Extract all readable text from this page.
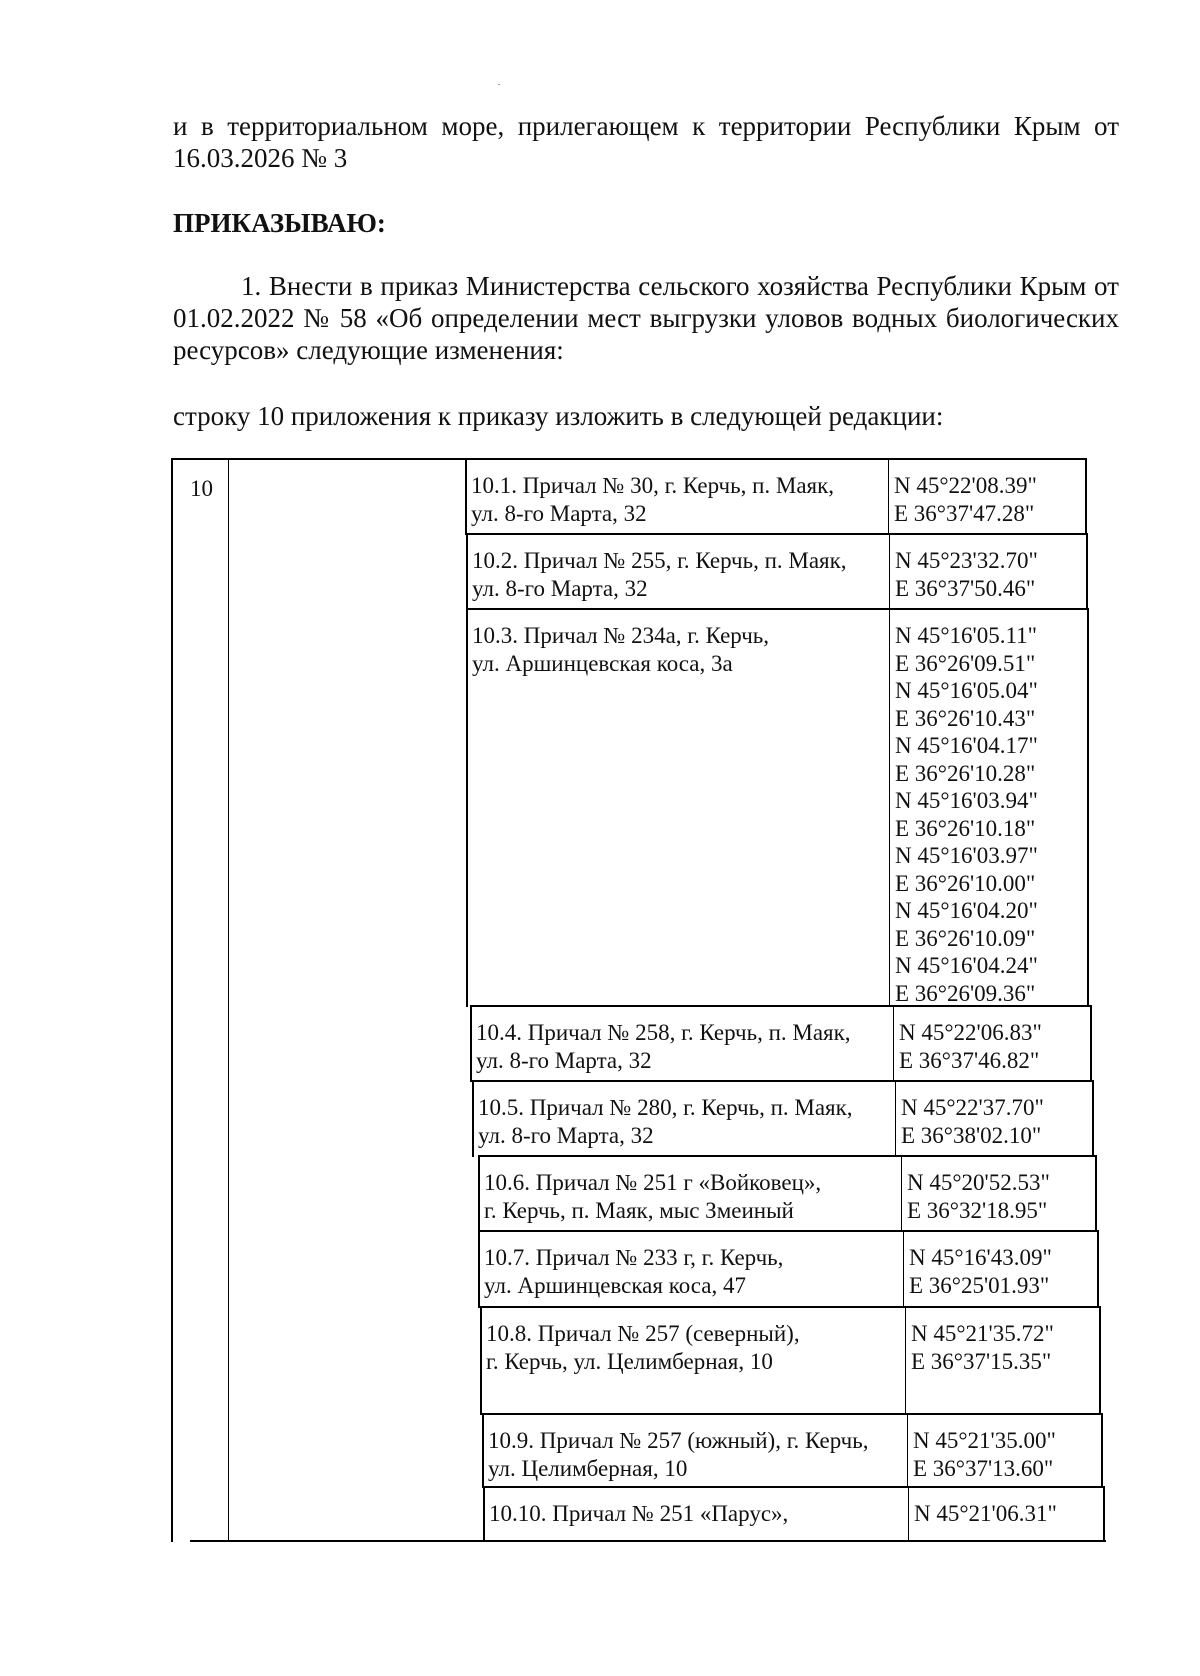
и в территориальном море, прилегающем к территории Республики Крым от 16.03.2026 № 3
ПРИКАЗЫВАЮ:
1. Внести в приказ Министерства сельского хозяйства Республики Крым от 01.02.2022 № 58 «Об определении мест выгрузки уловов водных биологических ресурсов» следующие изменения:
строку 10 приложения к приказу изложить в следующей редакции:
10	10.1. Причал № 30, г. Керчь, п. Маяк,
ул. 8-го Марта, 32
N 45°22'08.39"
E 36°37'47.28"
10.2. Причал № 255, г. Керчь, п. Маяк,
ул. 8-го Марта, 32
N 45°23'32.70"
E 36°37'50.46"
10.3. Причал № 234а, г. Керчь,
ул. Аршинцевская коса, 3а
N 45°16'05.11"
E 36°26'09.51"
N 45°16'05.04"
E 36°26'10.43"
N 45°16'04.17"
E 36°26'10.28"
N 45°16'03.94"
E 36°26'10.18"
N 45°16'03.97"
E 36°26'10.00"
N 45°16'04.20"
E 36°26'10.09"
N 45°16'04.24"
E 36°26'09.36"
10.4. Причал № 258, г. Керчь, п. Маяк,
ул. 8-го Марта, 32
N 45°22'06.83"
E 36°37'46.82"
10.5. Причал № 280, г. Керчь, п. Маяк,
ул. 8-го Марта, 32
N 45°22'37.70"
E 36°38'02.10"
10.6. Причал № 251 г «Войковец»,
г. Керчь, п. Маяк, мыс Змеиный
N 45°20'52.53"
E 36°32'18.95"
10.7. Причал № 233 г, г. Керчь,
ул. Аршинцевская коса, 47
N 45°16'43.09"
E 36°25'01.93"
10.8. Причал № 257 (северный),
г. Керчь, ул. Целимберная, 10
N 45°21'35.72"
E 36°37'15.35"
10.9. Причал № 257 (южный), г. Керчь,
ул. Целимберная, 10
N 45°21'35.00"
E 36°37'13.60"
10.10. Причал № 251 «Парус»,	N 45°21'06.31"
